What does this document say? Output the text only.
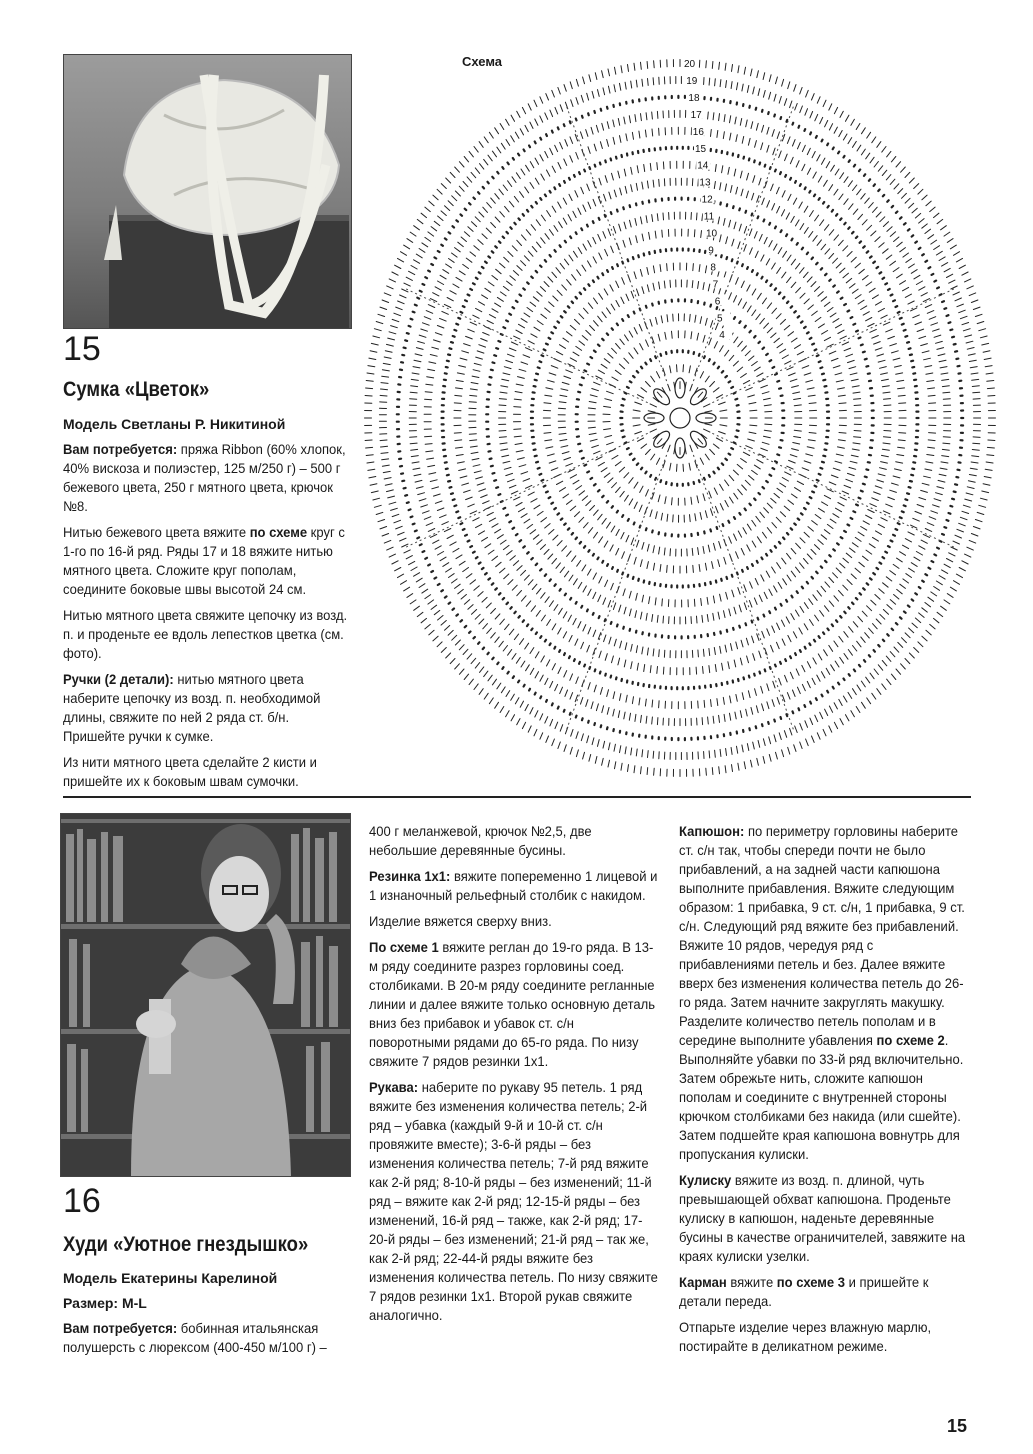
15
Сумка «Цветок»
Модель Светланы Р. Никитиной

Вам потребуется: пряжа Ribbon (60% хлопок, 40% вискоза и полиэстер, 125 м/250 г) – 500 г бежевого цвета, 250 г мятного цвета, крючок №8.

Нитью бежевого цвета вяжите по схеме круг с 1-го по 16-й ряд. Ряды 17 и 18 вяжите нитью мятного цвета. Сложите круг пополам, соедините боковые швы высотой 24 см.

Нитью мятного цвета свяжите цепочку из возд. п. и проденьте ее вдоль лепестков цветка (см. фото).

Ручки (2 детали): нитью мятного цвета наберите цепочку из возд. п. необходимой длины, свяжите по ней 2 ряда ст. б/н. Пришейте ручки к сумке.

Из нити мятного цвета сделайте 2 кисти и пришейте их к боковым швам сумочки.

Схема	20
19
18
17
16
15
14
13
12
11
10
9
8
7
6
5
4
16
Худи «Уютное гнездышко»
Модель Екатерины Карелиной
Размер: M-L

Вам потребуется: бобинная итальянская полушерсть с люрексом (400-450 м/100 г) –

400 г меланжевой, крючок №2,5, две небольшие деревянные бусины.

Резинка 1х1: вяжите попеременно 1 лицевой и 1 изнаночный рельефный столбик с накидом.

Изделие вяжется сверху вниз.

По схеме 1 вяжите реглан до 19-го ряда. В 13-м ряду соедините разрез горловины соед. столбиками. В 20-м ряду соедините регланные линии и далее вяжите только основную деталь вниз без прибавок и убавок ст. с/н поворотными рядами до 65-го ряда. По низу свяжите 7 рядов резинки 1х1.

Рукава: наберите по рукаву 95 петель. 1 ряд вяжите без изменения количества петель; 2-й ряд – убавка (каждый 9-й и 10-й ст. с/н провяжите вместе); 3-6-й ряды – без изменения количества петель; 7-й ряд вяжите как 2-й ряд; 8-10-й ряды – без изменений; 11-й ряд – вяжите как 2-й ряд; 12-15-й ряды – без изменений, 16-й ряд – также, как 2-й ряд; 17-20-й ряды – без изменений; 21-й ряд – так же, как 2-й ряд; 22-44-й ряды вяжите без изменения количества петель. По низу свяжите 7 рядов резинки 1х1. Второй рукав свяжите аналогично.

Капюшон: по периметру горловины наберите ст. с/н так, чтобы спереди почти не было прибавлений, а на задней части капюшона выполните прибавления. Вяжите следующим образом: 1 прибавка, 9 ст. с/н, 1 прибавка, 9 ст. с/н. Следующий ряд вяжите без прибавлений. Вяжите 10 рядов, чередуя ряд с прибавлениями петель и без. Далее вяжите вверх без изменения количества петель до 26-го ряда. Затем начните закруглять макушку. Разделите количество петель пополам и в середине выполните убавления по схеме 2. Выполняйте убавки по 33-й ряд включительно. Затем обрежьте нить, сложите капюшон пополам и соедините с внутренней стороны крючком столбиками без накида (или сшейте). Затем подшейте края капюшона вовнутрь для пропускания кулиски.

Кулиску вяжите из возд. п. длиной, чуть превышающей обхват капюшона. Проденьте кулиску в капюшон, наденьте деревянные бусины в качестве ограничителей, завяжите на краях кулиски узелки.

Карман вяжите по схеме 3 и пришейте к детали переда.

Отпарьте изделие через влажную марлю, постирайте в деликатном режиме.

15
